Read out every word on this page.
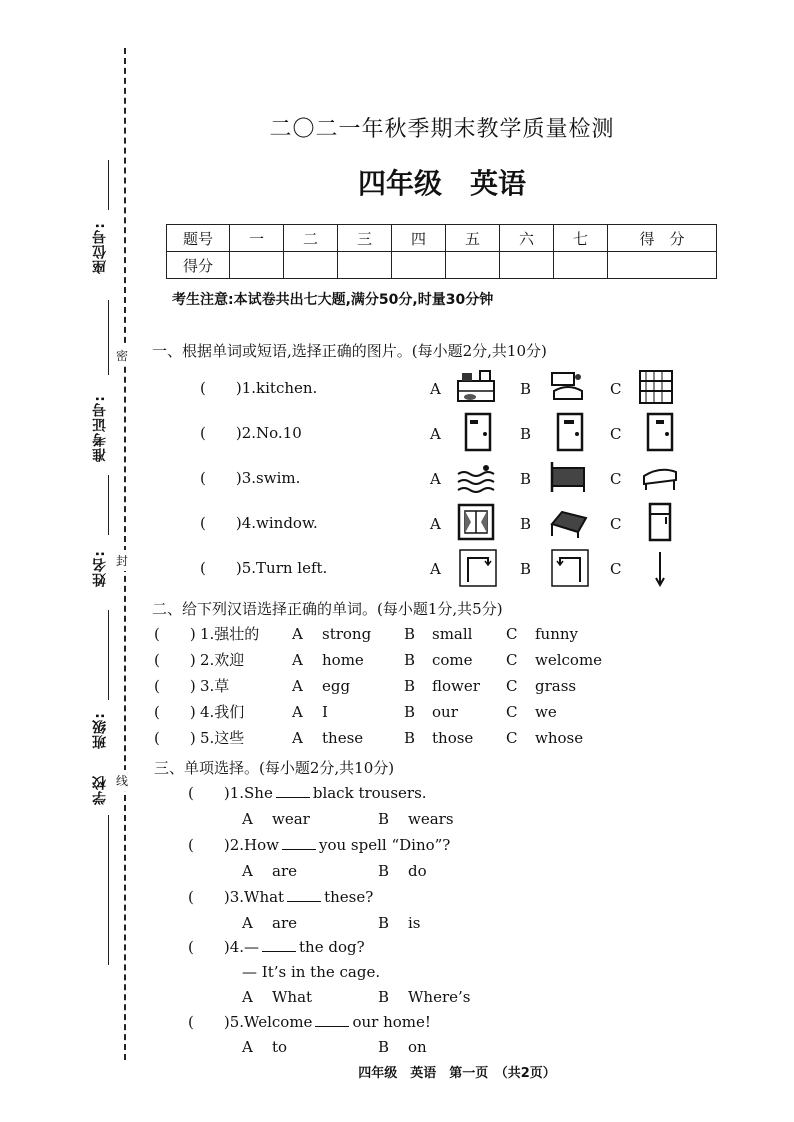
密
封
线
座位号:
准考证号:
姓名:
班级:
学校
二〇二一年秋季期末教学质量检测
四年级　英语
题号	一	二	三	四	五	六	七	得　分
得分								
考生注意:本试卷共出七大题,满分50分,时量30分钟
一、根据单词或短语,选择正确的图片。(每小题2分,共10分)
(　　)1.kitchen.	A	B	C
(　　)2.No.10	A	B	C
(　　)3.swim.	A	B	C
(　　)4.window.	A	B	C
(　　)5.Turn left.	A	B	C
二、给下列汉语选择正确的单词。(每小题1分,共5分)
(　　) 1.强壮的 A strong B small C funny
(　　) 2.欢迎	A home	B come C welcome
(　　) 3.草	A egg	B flower C grass
(　　) 4.我们	A I	B our	C we
(　　) 5.这些	A these	B those C whose
三、单项选择。(每小题2分,共10分)
(　　)1.She	black trousers.
A wear	B wears
(　　)2.How	you spell “Dino”?
A are	B do
(　　)3.What	these?
A are	B is
(　　)4.—	the dog?
— It’s in the cage.
A What	B Where’s
(　　)5.Welcome	our home!
A to	B on
四年级　英语　第一页　（共2页）
